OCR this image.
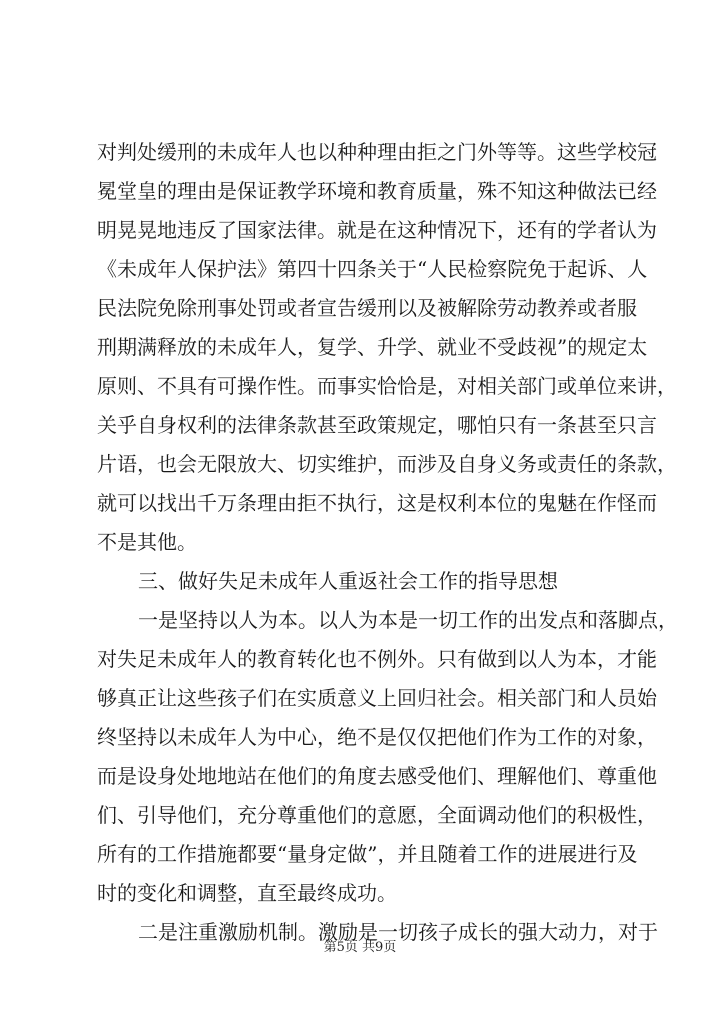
对判处缓刑的未成年人也以种种理由拒之门外等等。这些学校冠
冕堂皇的理由是保证教学环境和教育质量，殊不知这种做法已经
明晃晃地违反了国家法律。就是在这种情况下，还有的学者认为
《未成年人保护法》第四十四条关于“人民检察院免于起诉、人
民法院免除刑事处罚或者宣告缓刑以及被解除劳动教养或者服
刑期满释放的未成年人，复学、升学、就业不受歧视”的规定太
原则、不具有可操作性。而事实恰恰是，对相关部门或单位来讲，
关乎自身权利的法律条款甚至政策规定，哪怕只有一条甚至只言
片语，也会无限放大、切实维护，而涉及自身义务或责任的条款，
就可以找出千万条理由拒不执行，这是权利本位的鬼魅在作怪而
不是其他。
三、做好失足未成年人重返社会工作的指导思想
一是坚持以人为本。以人为本是一切工作的出发点和落脚点，
对失足未成年人的教育转化也不例外。只有做到以人为本，才能
够真正让这些孩子们在实质意义上回归社会。相关部门和人员始
终坚持以未成年人为中心，绝不是仅仅把他们作为工作的对象，
而是设身处地地站在他们的角度去感受他们、理解他们、尊重他
们、引导他们，充分尊重他们的意愿，全面调动他们的积极性，
所有的工作措施都要“量身定做”，并且随着工作的进展进行及
时的变化和调整，直至最终成功。
二是注重激励机制。激励是一切孩子成长的强大动力，对于
第5页 共9页
